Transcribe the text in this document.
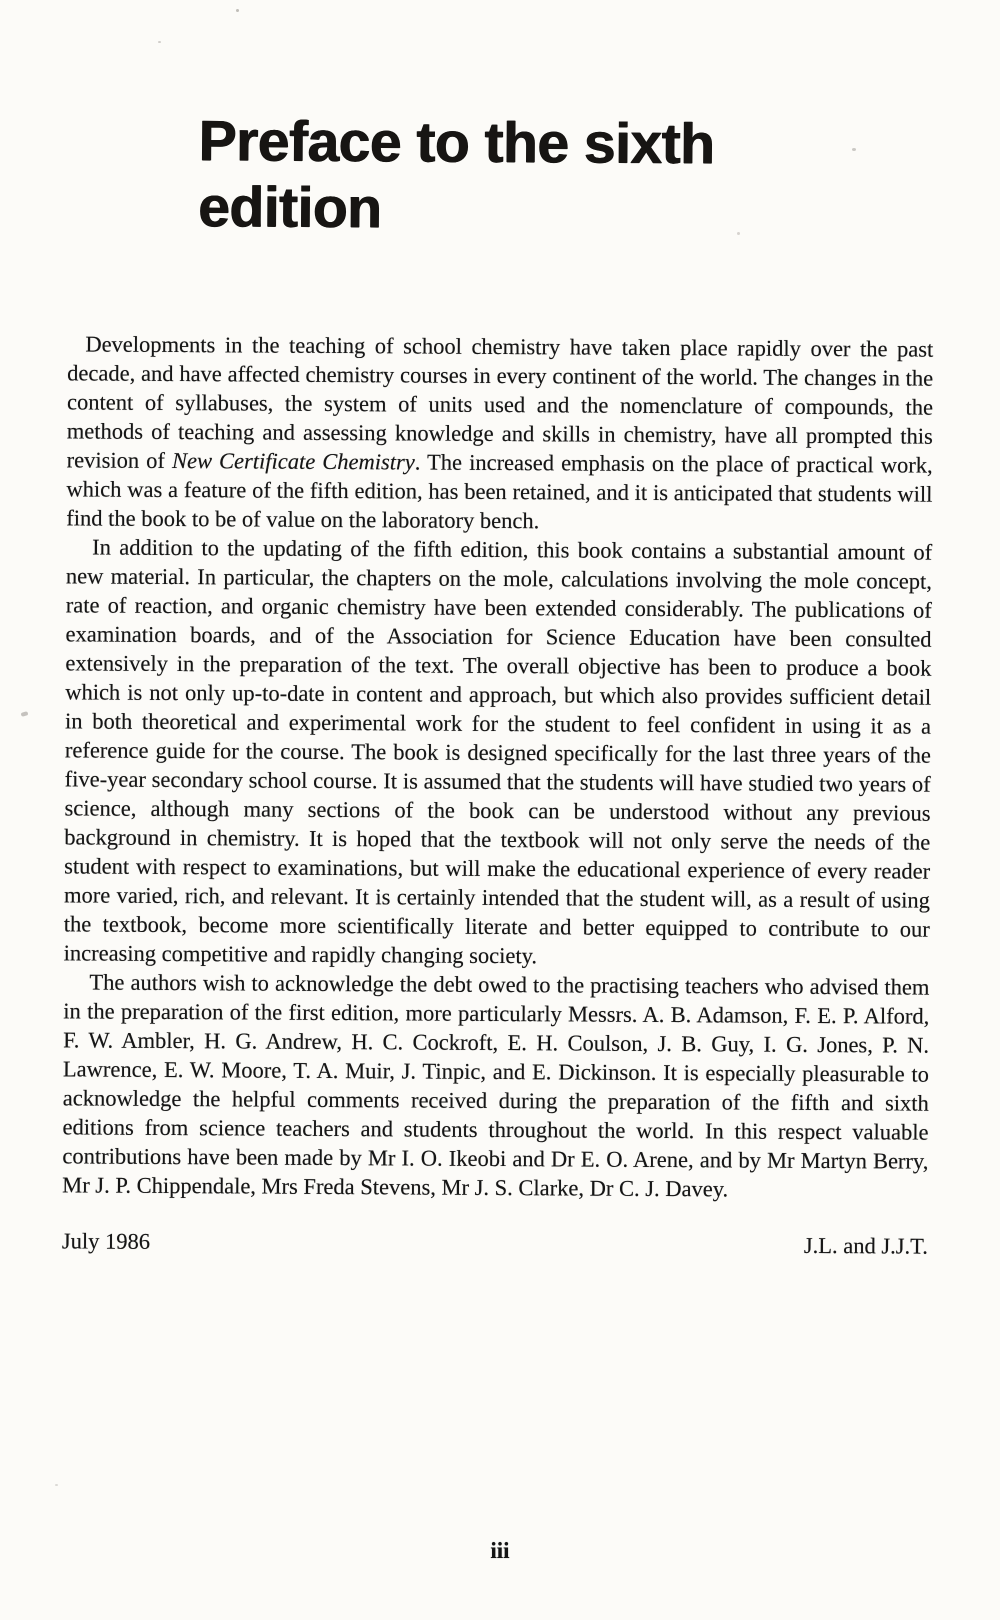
Preface to the sixth
edition

Developments in the teaching of school chemistry have taken place rapidly over the past decade, and have affected chemistry courses in every continent of the world. The changes in the content of syllabuses, the system of units used and the nomenclature of compounds, the methods of teaching and assessing knowledge and skills in chemistry, have all prompted this revision of New Certificate Chemistry. The increased emphasis on the place of practical work, which was a feature of the fifth edition, has been retained, and it is anticipated that students will find the book to be of value on the laboratory bench.

In addition to the updating of the fifth edition, this book contains a substantial amount of new material. In particular, the chapters on the mole, calculations involving the mole concept, rate of reaction, and organic chemistry have been extended considerably. The publications of examination boards, and of the Association for Science Education have been consulted extensively in the preparation of the text. The overall objective has been to produce a book which is not only up-to-date in content and approach, but which also provides sufficient detail in both theoretical and experimental work for the student to feel confident in using it as a reference guide for the course. The book is designed specifically for the last three years of the five-year secondary school course. It is assumed that the students will have studied two years of science, although many sections of the book can be understood without any previous background in chemistry. It is hoped that the textbook will not only serve the needs of the student with respect to examinations, but will make the educational experience of every reader more varied, rich, and relevant. It is certainly intended that the student will, as a result of using the textbook, become more scientifically literate and better equipped to contribute to our increasing competitive and rapidly changing society.

The authors wish to acknowledge the debt owed to the practising teachers who advised them in the preparation of the first edition, more particularly Messrs. A. B. Adamson, F. E. P. Alford, F. W. Ambler, H. G. Andrew, H. C. Cockroft, E. H. Coulson, J. B. Guy, I. G. Jones, P. N. Lawrence, E. W. Moore, T. A. Muir, J. Tinpic, and E. Dickinson. It is especially pleasurable to acknowledge the helpful comments received during the preparation of the fifth and sixth editions from science teachers and students throughout the world. In this respect valuable contributions have been made by Mr I. O. Ikeobi and Dr E. O. Arene, and by Mr Martyn Berry, Mr J. P. Chippendale, Mrs Freda Stevens, Mr J. S. Clarke, Dr C. J. Davey.

July 1986	J.L. and J.J.T.
iii
